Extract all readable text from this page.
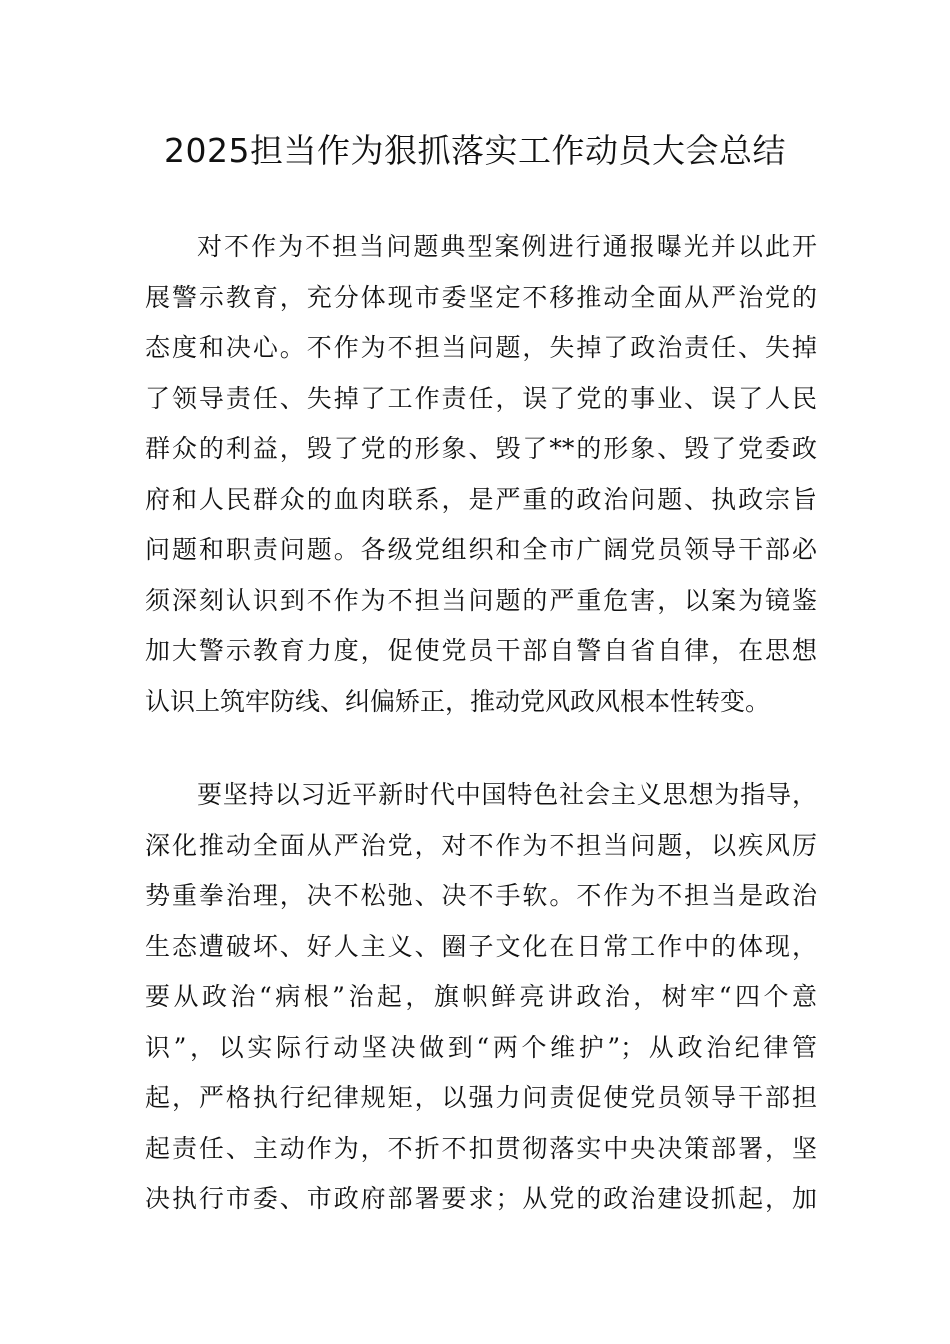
2025担当作为狠抓落实工作动员大会总结
对不作为不担当问题典型案例进行通报曝光并以此开
展警示教育，充分体现市委坚定不移推动全面从严治党的
态度和决心。不作为不担当问题，失掉了政治责任、失掉
了领导责任、失掉了工作责任，误了党的事业、误了人民
群众的利益，毁了党的形象、毁了**的形象、毁了党委政
府和人民群众的血肉联系，是严重的政治问题、执政宗旨
问题和职责问题。各级党组织和全市广阔党员领导干部必
须深刻认识到不作为不担当问题的严重危害，以案为镜鉴
加大警示教育力度，促使党员干部自警自省自律，在思想
认识上筑牢防线、纠偏矫正，推动党风政风根本性转变。
要坚持以习近平新时代中国特色社会主义思想为指导，
深化推动全面从严治党，对不作为不担当问题，以疾风厉
势重拳治理，决不松弛、决不手软。不作为不担当是政治
生态遭破坏、好人主义、圈子文化在日常工作中的体现，
要从政治“病根”治起，旗帜鲜亮讲政治，树牢“四个意
识”，以实际行动坚决做到“两个维护”；从政治纪律管
起，严格执行纪律规矩，以强力问责促使党员领导干部担
起责任、主动作为，不折不扣贯彻落实中央决策部署，坚
决执行市委、市政府部署要求；从党的政治建设抓起，加
